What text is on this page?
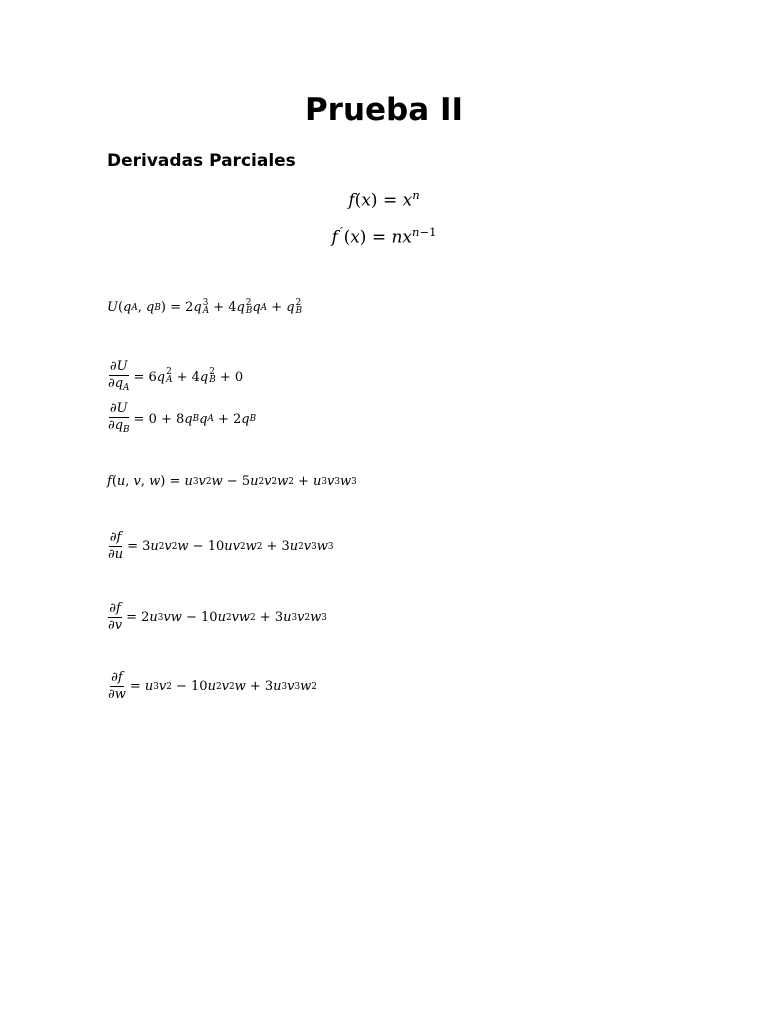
Prueba II
Derivadas Parciales
$f(x) = x^n$
$f^´(x) = nx^{n-1}$
U ( q A , q B ) = 2 q 3
A + 4 q 2
B q A + q 2
B
$\frac{\partial U}{\partial q_A} = 6$ q 2
A + 4 q 2
B + 0
$\frac{\partial U}{\partial q_B} = 0 + 8$ q B q A + 2 q B
f ( u , v , w ) = u 3 v 2 w − 5 u 2 v 2 w 2 + u 3 v 3 w 3
$\frac{\partial f}{\partial u} = 3$ u 2 v 2 w − 10 uv 2 w 2 + 3 u 2 v 3 w 3
$\frac{\partial f}{\partial v} = 2$ u 3 vw − 10 u 2 vw 2 + 3 u 3 v 2 w 3
$\frac{\partial f}{\partial w} = u$ 3 v 2 − 10 u 2 v 2 w + 3 u 3 v 3 w 2
